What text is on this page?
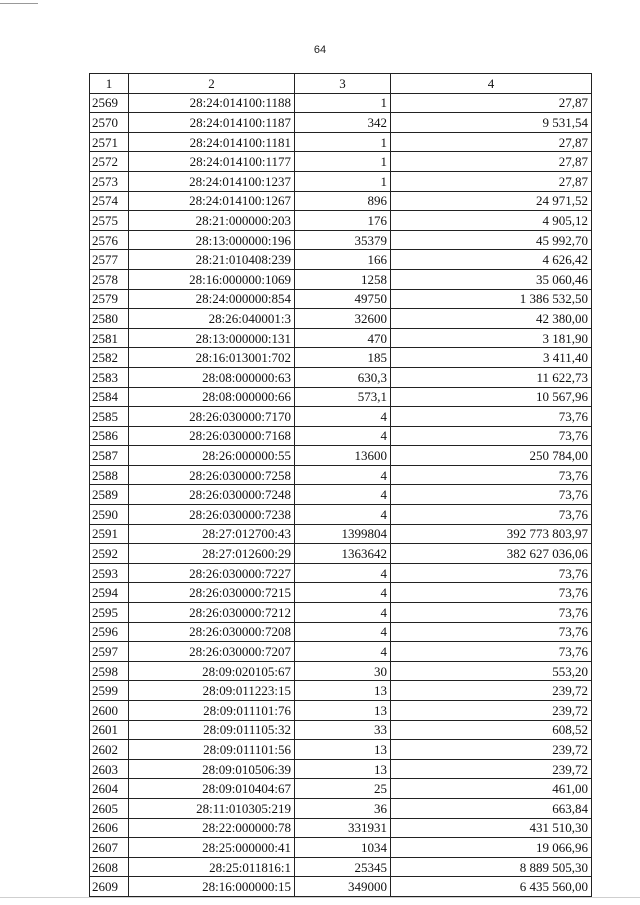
64
1	2	3	4
2569	28:24:014100:1188	1	27,87
2570	28:24:014100:1187	342	9 531,54
2571	28:24:014100:1181	1	27,87
2572	28:24:014100:1177	1	27,87
2573	28:24:014100:1237	1	27,87
2574	28:24:014100:1267	896	24 971,52
2575	28:21:000000:203	176	4 905,12
2576	28:13:000000:196	35379	45 992,70
2577	28:21:010408:239	166	4 626,42
2578	28:16:000000:1069	1258	35 060,46
2579	28:24:000000:854	49750	1 386 532,50
2580	28:26:040001:3	32600	42 380,00
2581	28:13:000000:131	470	3 181,90
2582	28:16:013001:702	185	3 411,40
2583	28:08:000000:63	630,3	11 622,73
2584	28:08:000000:66	573,1	10 567,96
2585	28:26:030000:7170	4	73,76
2586	28:26:030000:7168	4	73,76
2587	28:26:000000:55	13600	250 784,00
2588	28:26:030000:7258	4	73,76
2589	28:26:030000:7248	4	73,76
2590	28:26:030000:7238	4	73,76
2591	28:27:012700:43	1399804	392 773 803,97
2592	28:27:012600:29	1363642	382 627 036,06
2593	28:26:030000:7227	4	73,76
2594	28:26:030000:7215	4	73,76
2595	28:26:030000:7212	4	73,76
2596	28:26:030000:7208	4	73,76
2597	28:26:030000:7207	4	73,76
2598	28:09:020105:67	30	553,20
2599	28:09:011223:15	13	239,72
2600	28:09:011101:76	13	239,72
2601	28:09:011105:32	33	608,52
2602	28:09:011101:56	13	239,72
2603	28:09:010506:39	13	239,72
2604	28:09:010404:67	25	461,00
2605	28:11:010305:219	36	663,84
2606	28:22:000000:78	331931	431 510,30
2607	28:25:000000:41	1034	19 066,96
2608	28:25:011816:1	25345	8 889 505,30
2609	28:16:000000:15	349000	6 435 560,00
